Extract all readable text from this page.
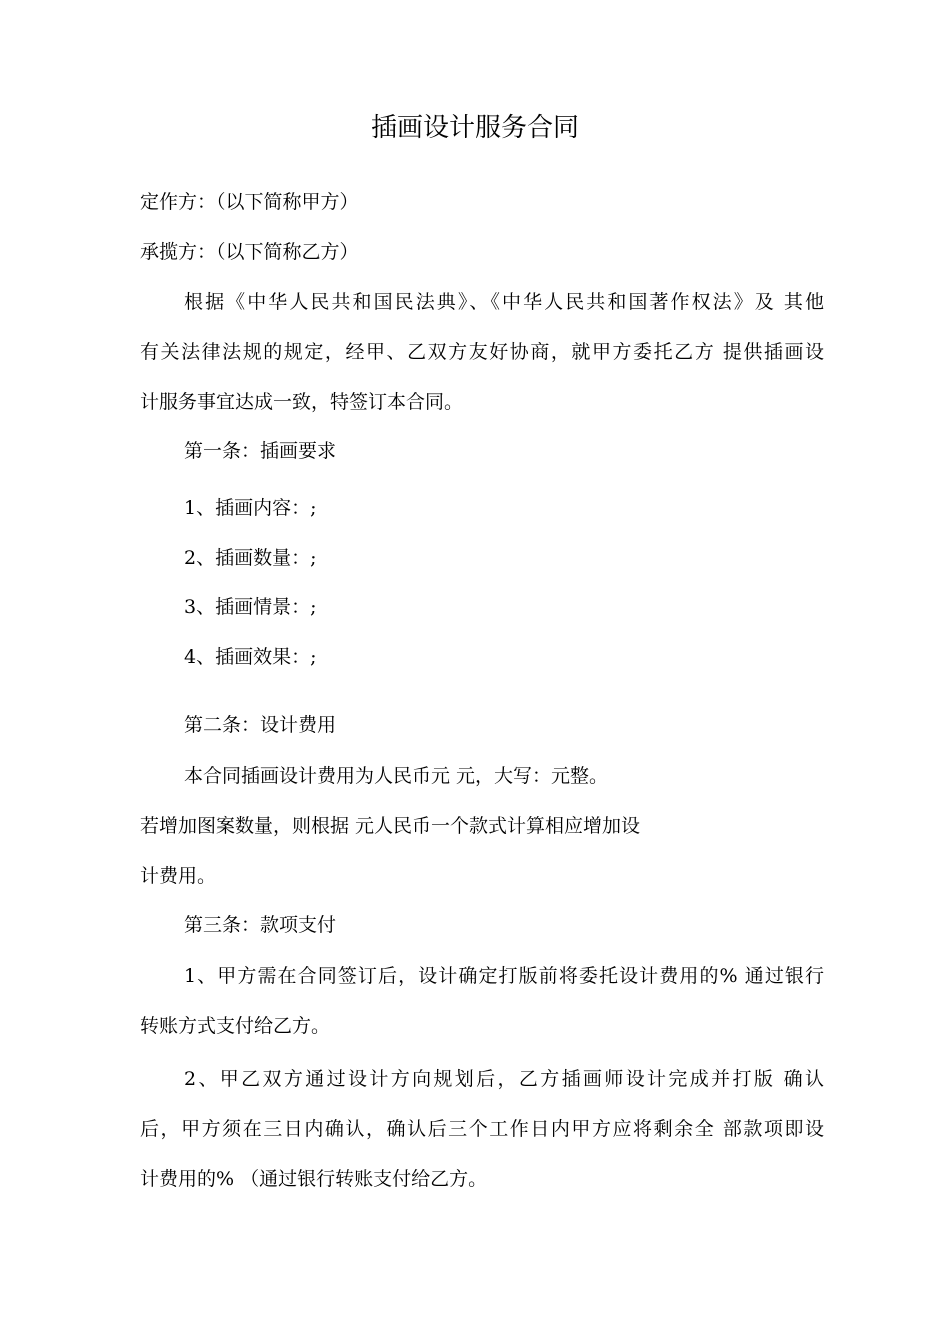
插画设计服务合同
定作方：（以下简称甲方）
承揽方：（以下简称乙方）
根据《中华人民共和国民法典》、《中华人民共和国著作权法》及 其他
有关法律法规的规定，经甲、乙双方友好协商，就甲方委托乙方 提供插画设
计服务事宜达成一致，特签订本合同。
第一条：插画要求
1、插画内容：;
2、插画数量：;
3、插画情景：;
4、插画效果：;
第二条：设计费用
本合同插画设计费用为人民币元 元，大写：元整。
若增加图案数量，则根据 元人民币一个款式计算相应增加设
计费用。
第三条：款项支付
1、甲方需在合同签订后，设计确定打版前将委托设计费用的% 通过银行
转账方式支付给乙方。
2、甲乙双方通过设计方向规划后，乙方插画师设计完成并打版 确认
后，甲方须在三日内确认，确认后三个工作日内甲方应将剩余全 部款项即设
计费用的% （通过银行转账支付给乙方。
